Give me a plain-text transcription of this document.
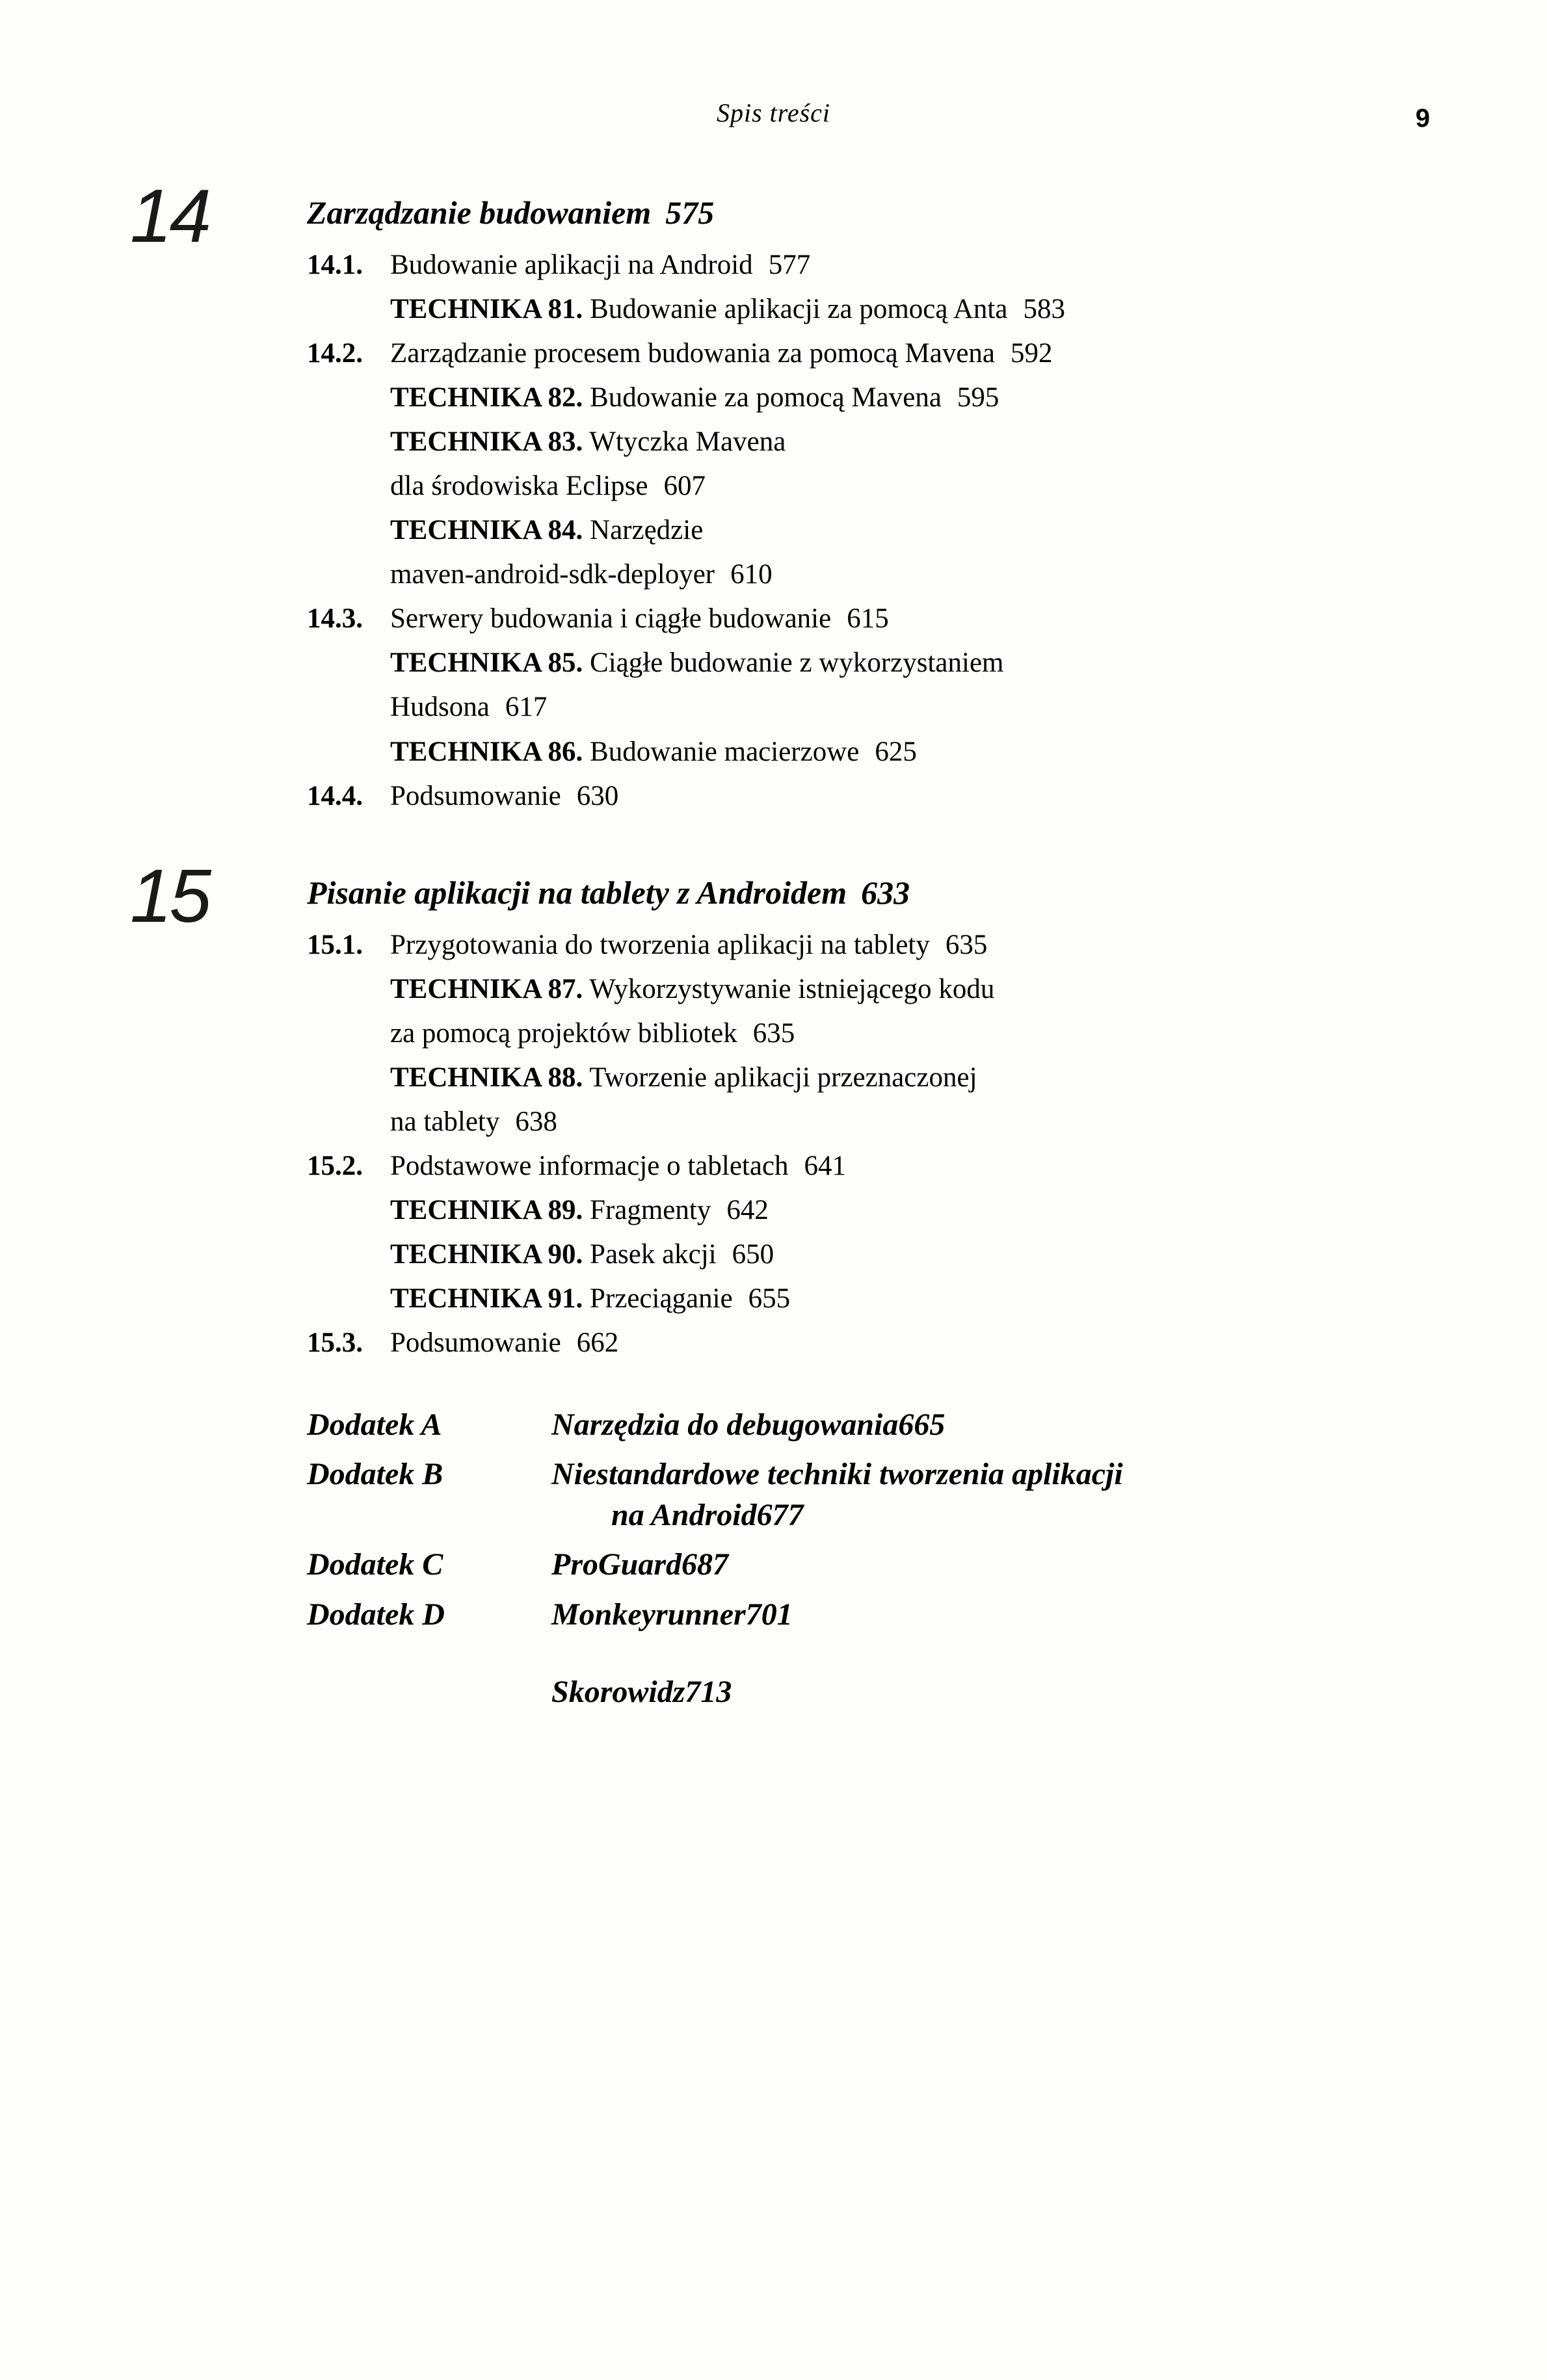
Spis treści	9
14	Zarządzanie budowaniem 575
14.1. Budowanie aplikacji na Android 577
TECHNIKA 81. Budowanie aplikacji za pomocą Anta 583
14.2. Zarządzanie procesem budowania za pomocą Mavena 592
TECHNIKA 82. Budowanie za pomocą Mavena 595
TECHNIKA 83. Wtyczka Mavena
dla środowiska Eclipse 607
TECHNIKA 84. Narzędzie
maven-android-sdk-deployer 610
14.3. Serwery budowania i ciągłe budowanie 615
TECHNIKA 85. Ciągłe budowanie z wykorzystaniem
Hudsona 617
TECHNIKA 86. Budowanie macierzowe 625
14.4. Podsumowanie 630
15	Pisanie aplikacji na tablety z Androidem 633
15.1. Przygotowania do tworzenia aplikacji na tablety 635
TECHNIKA 87. Wykorzystywanie istniejącego kodu
za pomocą projektów bibliotek 635
TECHNIKA 88. Tworzenie aplikacji przeznaczonej
na tablety 638
15.2. Podstawowe informacje o tabletach 641
TECHNIKA 89. Fragmenty 642
TECHNIKA 90. Pasek akcji 650
TECHNIKA 91. Przeciąganie 655
15.3. Podsumowanie 662
Dodatek A	Narzędzia do debugowania665
Dodatek B	Niestandardowe techniki tworzenia aplikacji
na Android677
Dodatek C	ProGuard687
Dodatek D	Monkeyrunner701
Skorowidz713
